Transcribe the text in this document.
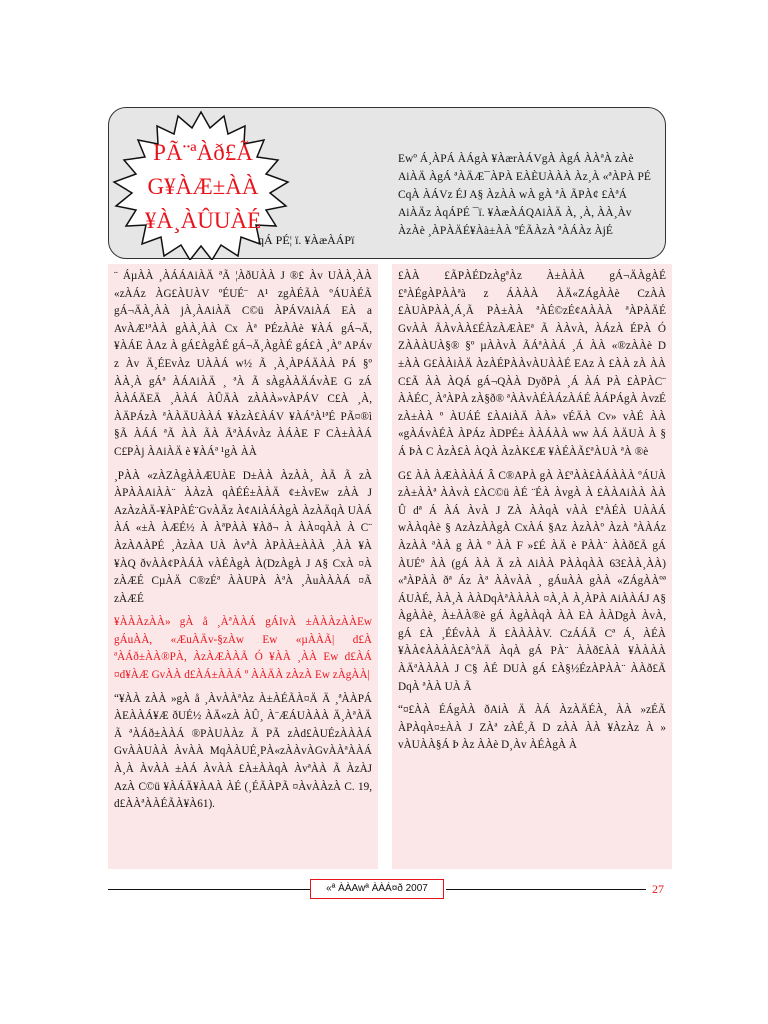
PÃ¨ªÀð£Ã
G¥ÀÆ±ÀÀ
¥À¸ÀÛUÀÉ
qÁ PÉ¦ ï. ¥ÀæÀÁPï

Ewº Á¸ÀPÁ ÀÁgÀ ¥ÀærÀÁVgÀ ÀgÁ ÀÀªÀ zÀè AiÀÄ ÀgÁ ªÀÄÆ¯ÀPÀ EÀÈUÀÀÀ Àz¸À «ªÀPÀ PÉ CqÀ ÀÁVz ÉJ A§ ÀzÀÀ wÀ gÀ ªÀ ÃPÀ¢ £ÀªÁ AiÀÄz ÀqÁPÉ ¯ï. ¥ÀæÀÁQAiÀÄ À, ¸À, ÀÀ¸Àv ÀzÀè ¸ÀPÀÄÉ¥Àà±ÀÀ ºÉÃÀzÀ ªÀÁÀz ÀjÉ

¨ ÁµÀÀ ¸ÀÁÁAiÀÄ ªÃ ¦ÀðUÀÀ J ®£ Àv UÀÀ¸ÀÀ «zÀÁz ÀG£ÀUÀV ºÉUÉ¨ A¹ zgÀÉÃÀ ºÁUÀÉÃ gÁ¬ÄÀ¸ÀÀ jÀ¸ÀAiÀÄ C©ü ÀPÁVAiÀÁ EÀ a AvÀÆ¹ªÀÀ gÀÀ¸ÀÀ Cx Àª PÉzÀÀè ¥ÀÁ gÁ¬Ä, ¥ÀÁE ÀAz À gÁ£ÀgÀÉ gÁ¬Ä¸ÀgÀÉ gÁ£À ¸Àº APÁv z Àv Ä¸ÉEvÀz UÀÀÁ w½ Ã ¸À¸ÀPÁÄÀÀ PÁ §º ÀÀ¸À gÁª ÀÁAiÀÄ ¸ ªÀ Ã sÀgÀÀÄÁvÀE G zÁ ÀÀÁÄEÄ ¸ÀÀÁ ÀÛÄÀ zÀÀÀ»vÀPÁV C£À ¸À, ÀÄPÁzÀ ªÀÀÄUÀÀÁ ¥ÀzÀ£ÀÁV ¥ÀÁªÀ¹ªÉ PÃ¤®ì §Ã ÀÁÁ ªÃ ÀÀ ÃÀ ÃªÀÁvÀz ÀÁÀE F CÀ±ÀÀÁ C£PÀj ÀAiÀÄ è ¥ÀÁª ¹gÀ ÀÀ

¸PÀÀ «zÀZÀgÀÀÆUÀE D±ÀÀ ÀzÀÀ¸ ÀÃ Ã zÀ ÀPÀÀAiÀÀ¨ ÀÀzÀ qÀÉÉ±ÀÀÄ ¢±ÀvEw zÀÀ J AzÀzÀÄ-¥ÀPÀÉ¨GvÀÃz À¢AiÀÁÀgÀ ÀzÀÄqÀ UÀÁ ÀÁ «±À ÀÆÉ½ À ÀªPÀÀ ¥Àð¬ À ÀÀ¤qÀÀ À C¨ ÀzÀAÀPÉ ¸ÀzÀA UÀ ÀvªÀ ÀPÀÀ±ÀÀÀ ¸ÀÀ ¥À ¥ÀQ ðvÀÀ¢PÀÁÀ vÀÉÀgÀ À(DzÀgÀ J A§ CxÀ ¤À zÀÆÉ CµÀÄ C®zÉª ÀÀUPÀ ÀªÀ ¸ÀuÀÀÀÁ ¤Ã zÀÆÉ

¥ÀÀÀzÀÀ» gÀ å ¸ÀªÀÀÁ gÁIvÀ ±ÀÀÀzÀÀEw gÁuÀÀ, «ÆuÀÄv-§zÀw Ew «µÀÀÃ| d£À ªÀÁð±ÀÀ®PÀ, ÀzÀÆÀÀÃ Ó ¥ÀÀ ¸ÀÀ Ew d£ÀÁ ¤d¥ÀÆ GvÀÀ d£ÀÁ±ÀÀÁ º ÀÀÄÀ zÀzÀ Ew zÀgÀÀ|

“¥ÀÀ zÀÀ »gÀ å ¸ÀvÀÀªÀz À±ÀÉÃÀ¤Ä Ä ¸ªÀÀPÁ ÀEÀÀÁ¥Æ ðUÉ½ ÀÄ«zÀ ÀÛ¸ À¨ÆÁUÀÀÀ Ä¸ÀªÀÄ Ã ªÀÁð±ÀÀÁ ®PÀUÀÀz Ã PÃ zÀd£ÀUÉzÀÀÀÁ GvÀÀUÀÀ ÀvÀÀ MqÀÀUÉ¸PÀ«zÀÀvÀGvÀÀªÀÀÁ À¸À ÀvÀÀ ±ÀÁ ÀvÀÀ £À±ÀÀqÀ ÀvªÀÀ Ã ÀzÀJ AzÀ C©ü ¥ÀÁÄ¥ÀAÀ ÀÉ (¸ÉÃÀPÃ ¤ÀvÀÀzÀ C. 19, d£ÀÀªÀÀÉÃÀ¥À61).

£ÀÀ £ÃPÀÉDzÀgªÀz À±ÀÀÀ gÁ¬ÄÀgÀÉ £ªÀÉgÀPÀÀªà z ÁÀÀÀ ÀÄ«ZÁgÀÀè CzÀÀ £ÀUÀPÀÀ¸Á¸Ã PÀ±ÀÀ ªÀÉ©zÉ¢AÀÀÀ ªÀPÀÄÉ GvÀÀ ÃÀvÀÀ£ÉÀzÀÆÀEª Ã ÀÀvÀ, ÀÁzÀ ÉPÀ Ó ZÀÀÀUÀ§® §º µÀÀvÀ ÃÁªÀÀÁ ¸Á ÀÀ «®zÀÀè D ±ÀÀ G£ÀÀiÀÄ ÀzÀÉPÀÀvÀUÀÀÉ EAz À £ÀÀ zÀ ÀÀ C£Ã ÀÀ ÀQÁ gÁ¬QÀÀ DyðPÀ ¸Á ÀÁ PÀ £ÀPÀC¨ ÀÀÉC¸ ÀªÀPÀ zÀ§ð® ªÀÀvÀÉÀÁzÀÁÉ ÀÁPÁgÀ ÀvzÉ zÀ±ÀÀ º ÀUÁÉ £ÀAiÀÄ ÀÀ» vÉÄÀ Cv» vÀÉ ÀÀ «gÀÁvÀÉÀ ÀPÁz ÀDPÉ± ÀÀÁÀÀ ww ÀÁ ÀÄUÀ À § Á ÞÀ C ÀzÀ£À ÀQÀ ÀzÀK£Æ ¥ÀÉÀÃ£ªÀUÀ ªÀ ®è

G£ ÀÀ ÀÆÀÀÀÁ Â C®APÀ gÀ À£ªÀÀ£ÀÁÀÀÀ ºÁUÀ zÀ±ÀÀª ÀÀvÀ £ÀC©ü ÀÉ ¨ÉÀ ÀvgÀ À £ÀÀAiÀÀ ÀÀ Û dª Á ÀÁ ÀvÀ J ZÀ ÀÀqÀ vÀÀ £ªÀÉÀ UÀÀÁ wÀÀqÀè § AzÀzÀÀgÀ CxÀÁ §Az ÀzÀÀº ÀzÀ ªÀÀÁz ÀzÀÀ ªÀÀ g ÀÀ º ÀÀ F »£É ÀÄ è PÀÀ¨ ÀÀð£Ã gÁ ÀUÉº ÀÀ (gÁ ÀÀ Ã zÀ AiÀÀ PÀÀqÀÀ 63£ÀÀ¸ÀÀ) «ªÀPÀÀ ðª Áz Àª ÀÀvÀÀ ¸ gÁuÀÀ gÀÀ «ZÁgÀÀºª ÁUÀÉ, ÀÀ¸À ÀÀDqÀªÀÀÀÀ ¤À¸À À¸ÀPÀ AiÀÀÁJ A§ ÀgÀÀè¸ À±ÀÀ®è gÁ ÀgÀÀqÀ ÀÀ EÀ ÀÀDgÀ ÀvÀ, gÁ £À ¸ÉÉvÀÀ Ä £ÀÀÀÀV. CzÁÁÃ Cª Á¸ ÀÉÀ ¥ÀÀ¢ÀÀÀÀ£ÀºÀÄ ÀqÀ gÁ PÀ¨ ÀÀð£ÀÀ ¥ÀÀÀÀ ÀÄªÀÀÀÀ J C§ ÀÉ DUÀ gÁ £À§½ÉzÀPÀÀ¨ ÀÀð£Ã DqÀ ªÀÀ UÀ Ã

“¤£ÀÀ ÉÁgÀÀ ðAiÀ Ä ÀÁ ÀzÀÄÉÀ¸ ÀÀ »zÉÃ ÀPÀqÀ¤±ÀÀ J ZÀª zÀÉ¸Ã D zÀÀ ÀÀ ¥ÀzÀz À » vÀUÀÀ§Á Þ Àz ÀÀè D¸Àv ÀÉÀgÀ À

«ª ÀÀAwª ÀÀÁ¤ð 2007	27
